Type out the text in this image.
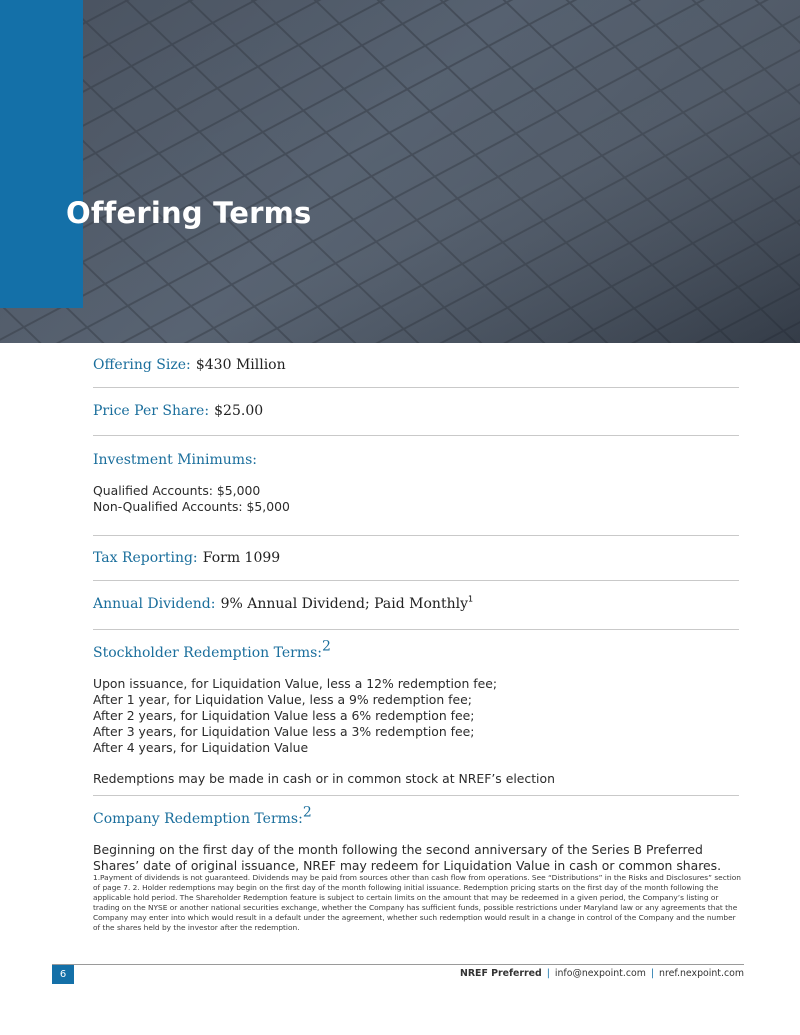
Offering Terms
Offering Size: $430 Million
Price Per Share: $25.00
Investment Minimums:
Qualified Accounts: $5,000
Non-Qualified Accounts: $5,000
Tax Reporting: Form 1099
Annual Dividend: 9% Annual Dividend; Paid Monthly$^1$
Stockholder Redemption Terms:$^2$
Upon issuance, for Liquidation Value, less a 12% redemption fee;
After 1 year, for Liquidation Value, less a 9% redemption fee;
After 2 years, for Liquidation Value less a 6% redemption fee;
After 3 years, for Liquidation Value less a 3% redemption fee;
After 4 years, for Liquidation Value
Redemptions may be made in cash or in common stock at NREF’s election
Company Redemption Terms:$^2$
Beginning on the first day of the month following the second anniversary of the Series B Preferred Shares’ date of original issuance, NREF may redeem for Liquidation Value in cash or common shares.
1.Payment of dividends is not guaranteed. Dividends may be paid from sources other than cash flow from operations. See “Distributions” in the Risks and Disclosures” section of page 7. 2. Holder redemptions may begin on the first day of the month following initial issuance. Redemption pricing starts on the first day of the month following the applicable hold period. The Shareholder Redemption feature is subject to certain limits on the amount that may be redeemed in a given period, the Company’s listing or trading on the NYSE or another national securities exchange, whether the Company has sufficient funds, possible restrictions under Maryland law or any agreements that the Company may enter into which would result in a default under the agreement, whether such redemption would result in a change in control of the Company and the number of the shares held by the investor after the redemption.
6	NREF Preferred | info@nexpoint.com | nref.nexpoint.com
